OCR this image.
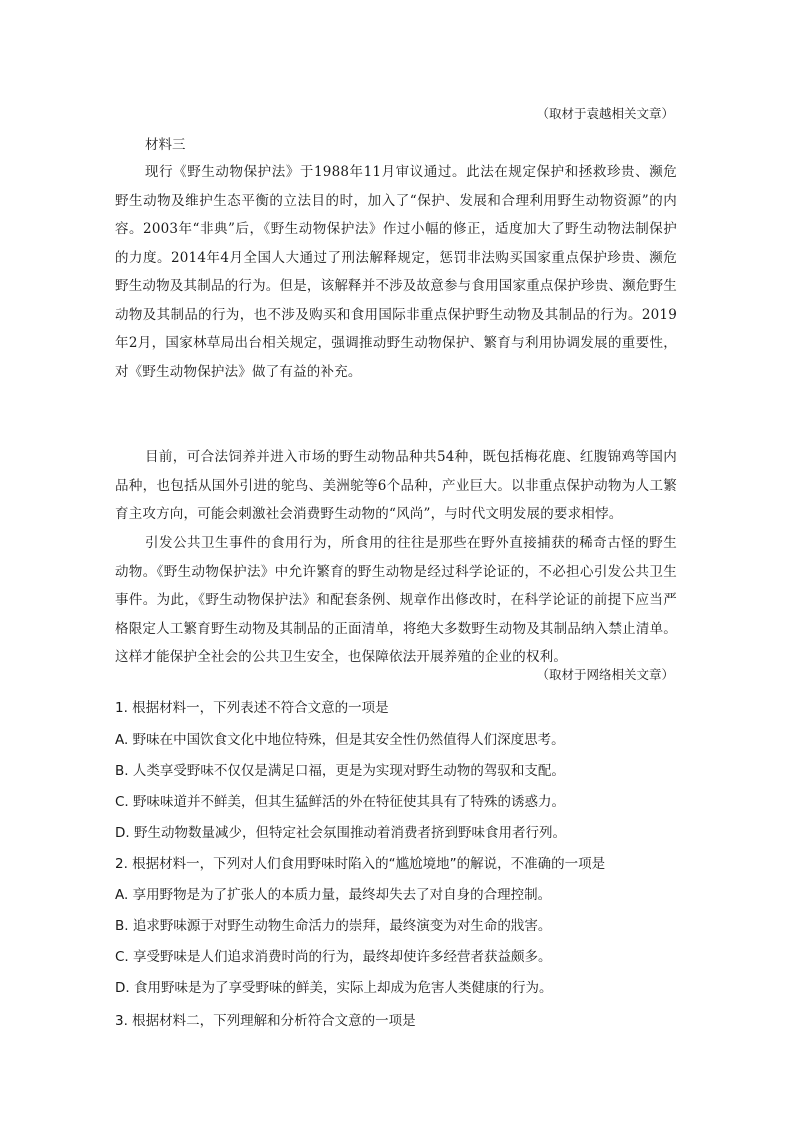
（取材于袁越相关文章）
材料三

现行《野生动物保护法》于1988年11月审议通过。此法在规定保护和拯救珍贵、濒危野生动物及维护生态平衡的立法目的时，加入了“保护、发展和合理利用野生动物资源”的内容。2003年“非典”后，《野生动物保护法》作过小幅的修正，适度加大了野生动物法制保护的力度。2014年4月全国人大通过了刑法解释规定，惩罚非法购买国家重点保护珍贵、濒危野生动物及其制品的行为。但是，该解释并不涉及故意参与食用国家重点保护珍贵、濒危野生动物及其制品的行为，也不涉及购买和食用国际非重点保护野生动物及其制品的行为。2019年2月，国家林草局出台相关规定，强调推动野生动物保护、繁育与利用协调发展的重要性，对《野生动物保护法》做了有益的补充。

目前，可合法饲养并进入市场的野生动物品种共54种，既包括梅花鹿、红腹锦鸡等国内品种，也包括从国外引进的鸵鸟、美洲鸵等6个品种，产业巨大。以非重点保护动物为人工繁育主攻方向，可能会刺激社会消费野生动物的“风尚”，与时代文明发展的要求相悖。

引发公共卫生事件的食用行为，所食用的往往是那些在野外直接捕获的稀奇古怪的野生动物。《野生动物保护法》中允许繁育的野生动物是经过科学论证的，不必担心引发公共卫生事件。为此，《野生动物保护法》和配套条例、规章作出修改时，在科学论证的前提下应当严格限定人工繁育野生动物及其制品的正面清单，将绝大多数野生动物及其制品纳入禁止清单。这样才能保护全社会的公共卫生安全，也保障依法开展养殖的企业的权利。

（取材于网络相关文章）
1. 根据材料一，下列表述不符合文意的一项是
A. 野味在中国饮食文化中地位特殊，但是其安全性仍然值得人们深度思考。
B. 人类享受野味不仅仅是满足口福，更是为实现对野生动物的驾驭和支配。
C. 野味味道并不鲜美，但其生猛鲜活的外在特征使其具有了特殊的诱惑力。
D. 野生动物数量减少，但特定社会氛围推动着消费者挤到野味食用者行列。
2. 根据材料一，下列对人们食用野味时陷入的“尴尬境地”的解说，不准确的一项是
A. 享用野物是为了扩张人的本质力量，最终却失去了对自身的合理控制。
B. 追求野味源于对野生动物生命活力的崇拜，最终演变为对生命的戕害。
C. 享受野味是人们追求消费时尚的行为，最终却使许多经营者获益颇多。
D. 食用野味是为了享受野味的鲜美，实际上却成为危害人类健康的行为。
3. 根据材料二，下列理解和分析符合文意的一项是
